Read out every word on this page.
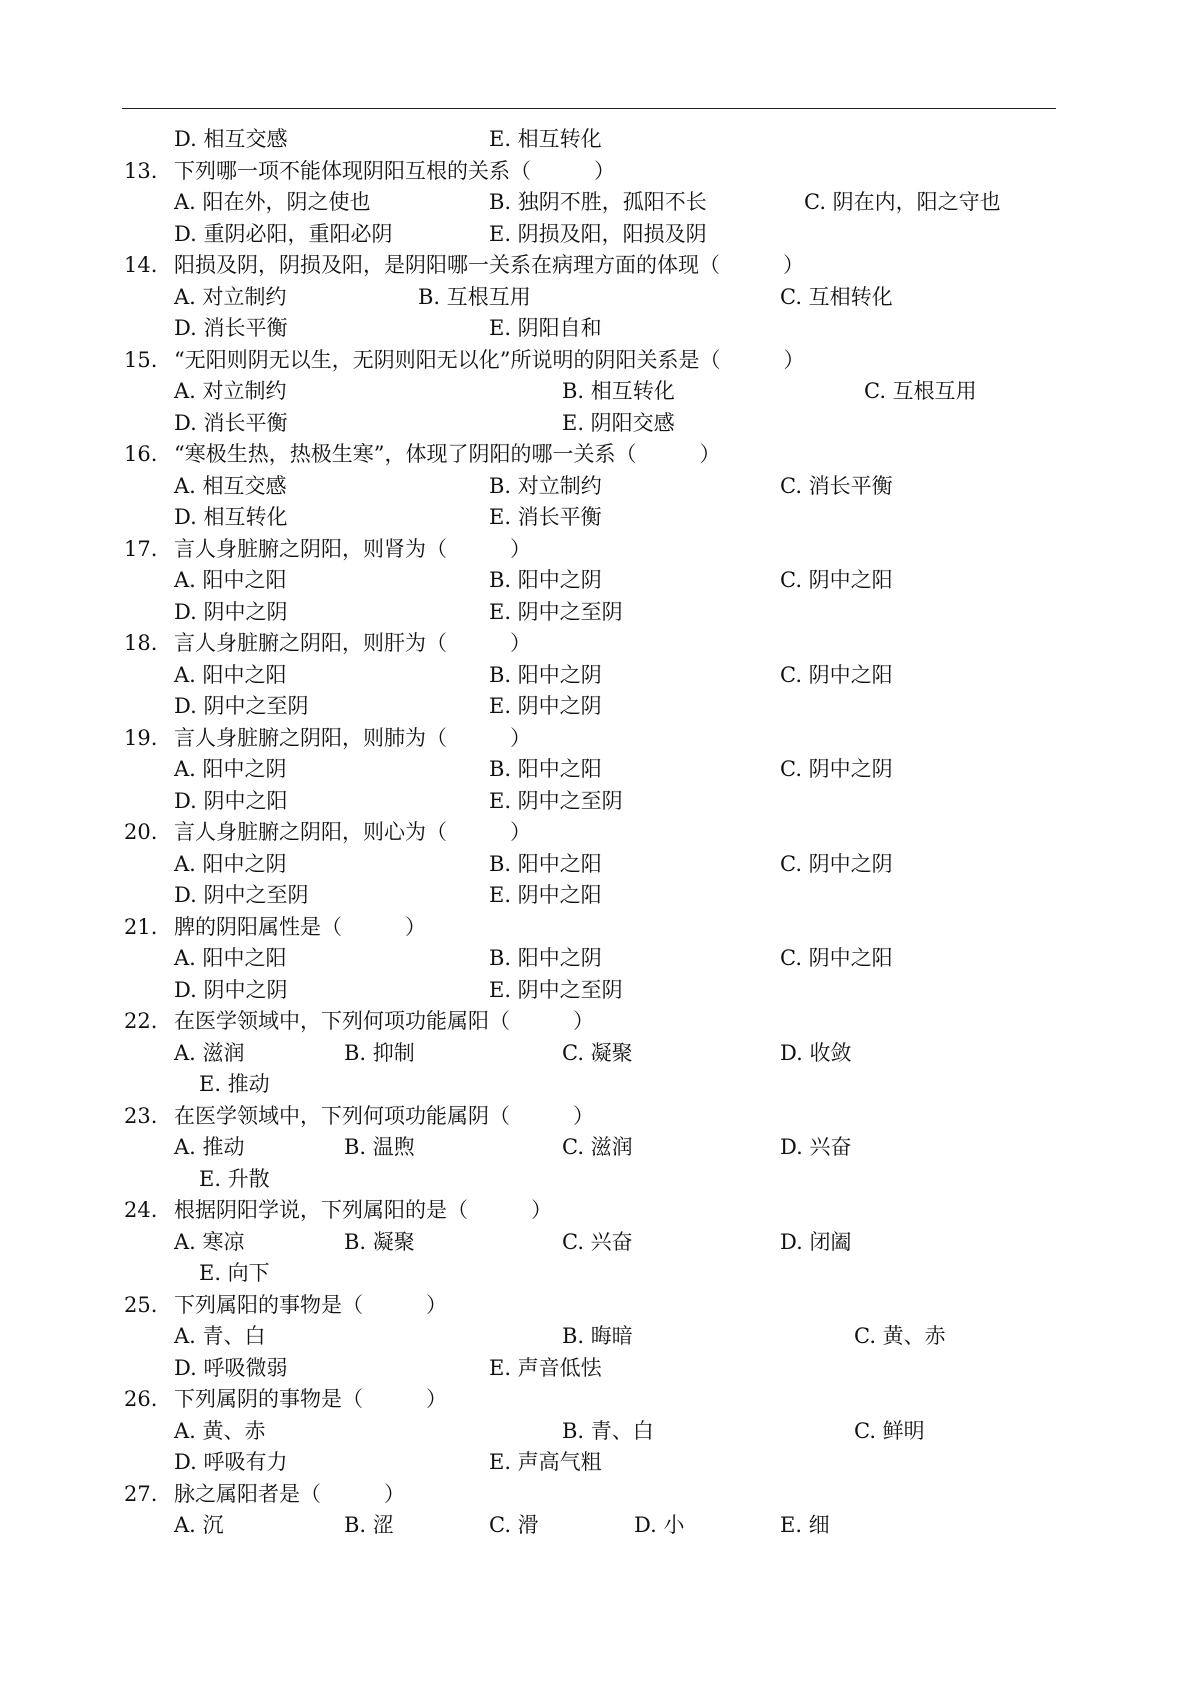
D. 相互交感	E. 相互转化
13. 下列哪一项不能体现阴阳互根的关系（　　　）
A. 阳在外，阴之使也	B. 独阴不胜，孤阳不长	C. 阴在内，阳之守也
D. 重阴必阳，重阳必阴	E. 阴损及阳，阳损及阴
14. 阳损及阴，阴损及阳，是阴阳哪一关系在病理方面的体现（　　　）
A. 对立制约	B. 互根互用	C. 互相转化
D. 消长平衡	E. 阴阳自和
15. “无阳则阴无以生，无阴则阳无以化”所说明的阴阳关系是（　　　）
A. 对立制约	B. 相互转化	C. 互根互用
D. 消长平衡	E. 阴阳交感
16. “寒极生热，热极生寒”，体现了阴阳的哪一关系（　　　）
A. 相互交感	B. 对立制约	C. 消长平衡
D. 相互转化	E. 消长平衡
17. 言人身脏腑之阴阳，则肾为（　　　）
A. 阳中之阳	B. 阳中之阴	C. 阴中之阳
D. 阴中之阴	E. 阴中之至阴
18. 言人身脏腑之阴阳，则肝为（　　　）
A. 阳中之阳	B. 阳中之阴	C. 阴中之阳
D. 阴中之至阴	E. 阴中之阴
19. 言人身脏腑之阴阳，则肺为（　　　）
A. 阳中之阴	B. 阳中之阳	C. 阴中之阴
D. 阴中之阳	E. 阴中之至阴
20. 言人身脏腑之阴阳，则心为（　　　）
A. 阳中之阴	B. 阳中之阳	C. 阴中之阴
D. 阴中之至阴	E. 阴中之阳
21. 脾的阴阳属性是（　　　）
A. 阳中之阳	B. 阳中之阴	C. 阴中之阳
D. 阴中之阴	E. 阴中之至阴
22. 在医学领域中，下列何项功能属阳（　　　）
A. 滋润	B. 抑制	C. 凝聚	D. 收敛
E. 推动
23. 在医学领域中，下列何项功能属阴（　　　）
A. 推动	B. 温煦	C. 滋润	D. 兴奋
E. 升散
24. 根据阴阳学说，下列属阳的是（　　　）
A. 寒凉	B. 凝聚	C. 兴奋	D. 闭阖
E. 向下
25. 下列属阳的事物是（　　　）
A. 青、白	B. 晦暗	C. 黄、赤
D. 呼吸微弱	E. 声音低怯
26. 下列属阴的事物是（　　　）
A. 黄、赤	B. 青、白	C. 鲜明
D. 呼吸有力	E. 声高气粗
27. 脉之属阳者是（　　　）
A. 沉	B. 涩	C. 滑	D. 小	E. 细
